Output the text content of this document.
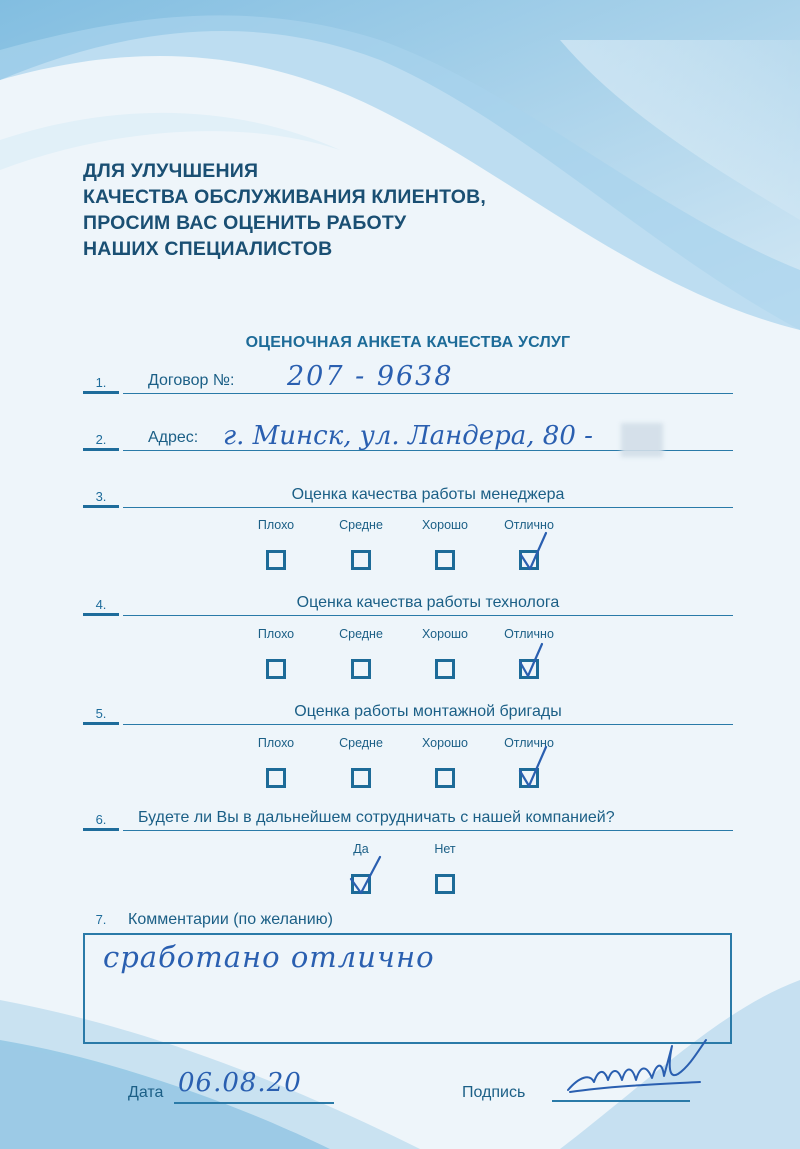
ДЛЯ УЛУЧШЕНИЯ
КАЧЕСТВА ОБСЛУЖИВАНИЯ КЛИЕНТОВ,
ПРОСИМ ВАС ОЦЕНИТЬ РАБОТУ
НАШИХ СПЕЦИАЛИСТОВ
ОЦЕНОЧНАЯ АНКЕТА КАЧЕСТВА УСЛУГ
1.	Договор №: 207 - 9638
2.	Адрес: г. Минск, ул. Ландера, 80 -
3.	Оценка качества работы менеджера
Плохо	Средне	Хорошо	Отлично
4.	Оценка качества работы технолога
Плохо	Средне	Хорошо	Отлично
5.	Оценка работы монтажной бригады
Плохо	Средне	Хорошо	Отлично
6.	Будете ли Вы в дальнейшем сотрудничать с нашей компанией?
Да	Нет
7.	Комментарии (по желанию)
сработано отлично
Дата 06.08.20	Подпись
